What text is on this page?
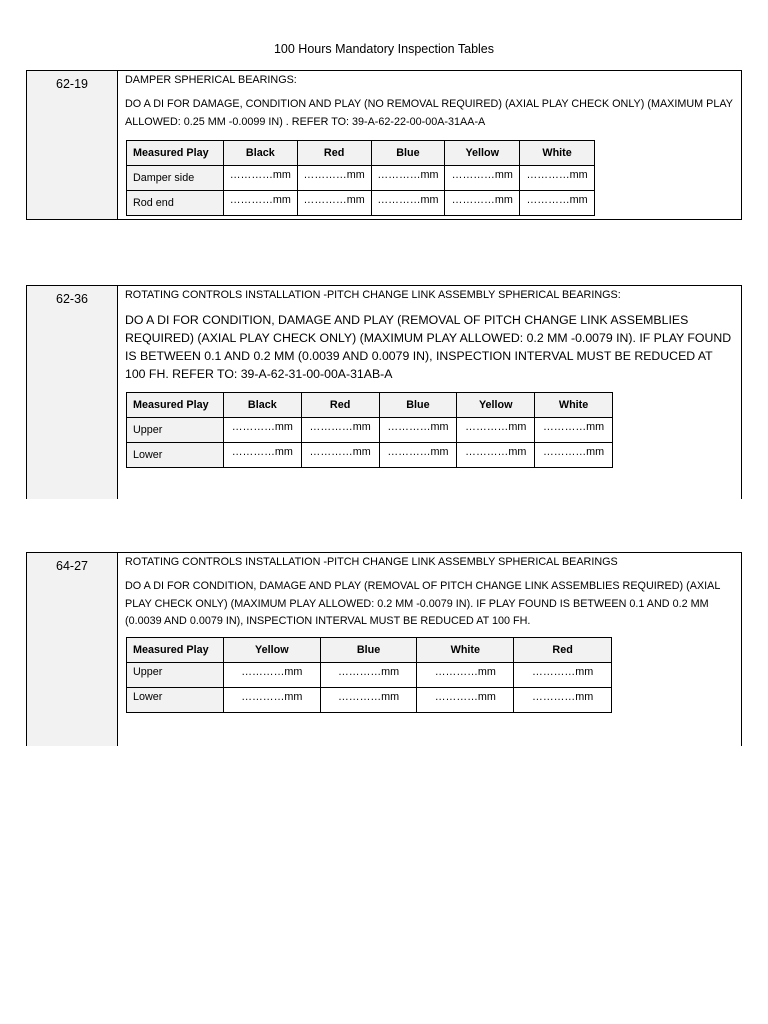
100 Hours Mandatory Inspection Tables
62-19	DAMPER SPHERICAL BEARINGS:
DO A DI FOR DAMAGE, CONDITION AND PLAY (NO REMOVAL REQUIRED) (AXIAL PLAY CHECK ONLY) (MAXIMUM PLAY ALLOWED: 0.25 MM -0.0099 IN) . REFER TO: 39-A-62-22-00-00A-31AA-A
Measured Play	Black	Red	Blue	Yellow	White
Damper side	…………mm	…………mm	…………mm	…………mm	…………mm
Rod end	…………mm	…………mm	…………mm	…………mm	…………mm
62-36	ROTATING CONTROLS INSTALLATION -PITCH CHANGE LINK ASSEMBLY SPHERICAL BEARINGS:
DO A DI FOR CONDITION, DAMAGE AND PLAY (REMOVAL OF PITCH CHANGE LINK ASSEMBLIES REQUIRED) (AXIAL PLAY CHECK ONLY) (MAXIMUM PLAY ALLOWED: 0.2 MM -0.0079 IN). IF PLAY FOUND IS BETWEEN 0.1 AND 0.2 MM (0.0039 AND 0.0079 IN), INSPECTION INTERVAL MUST BE REDUCED AT 100 FH. REFER TO: 39-A-62-31-00-00A-31AB-A
Measured Play	Black	Red	Blue	Yellow	White
Upper	…………mm	…………mm	…………mm	…………mm	…………mm
Lower	…………mm	…………mm	…………mm	…………mm	…………mm
64-27	ROTATING CONTROLS INSTALLATION -PITCH CHANGE LINK ASSEMBLY SPHERICAL BEARINGS
DO A DI FOR CONDITION, DAMAGE AND PLAY (REMOVAL OF PITCH CHANGE LINK ASSEMBLIES REQUIRED) (AXIAL PLAY CHECK ONLY) (MAXIMUM PLAY ALLOWED: 0.2 MM -0.0079 IN). IF PLAY FOUND IS BETWEEN 0.1 AND 0.2 MM (0.0039 AND 0.0079 IN), INSPECTION INTERVAL MUST BE REDUCED AT 100 FH.
Measured Play	Yellow	Blue	White	Red
Upper	…………mm	…………mm	…………mm	…………mm
Lower	…………mm	…………mm	…………mm	…………mm
